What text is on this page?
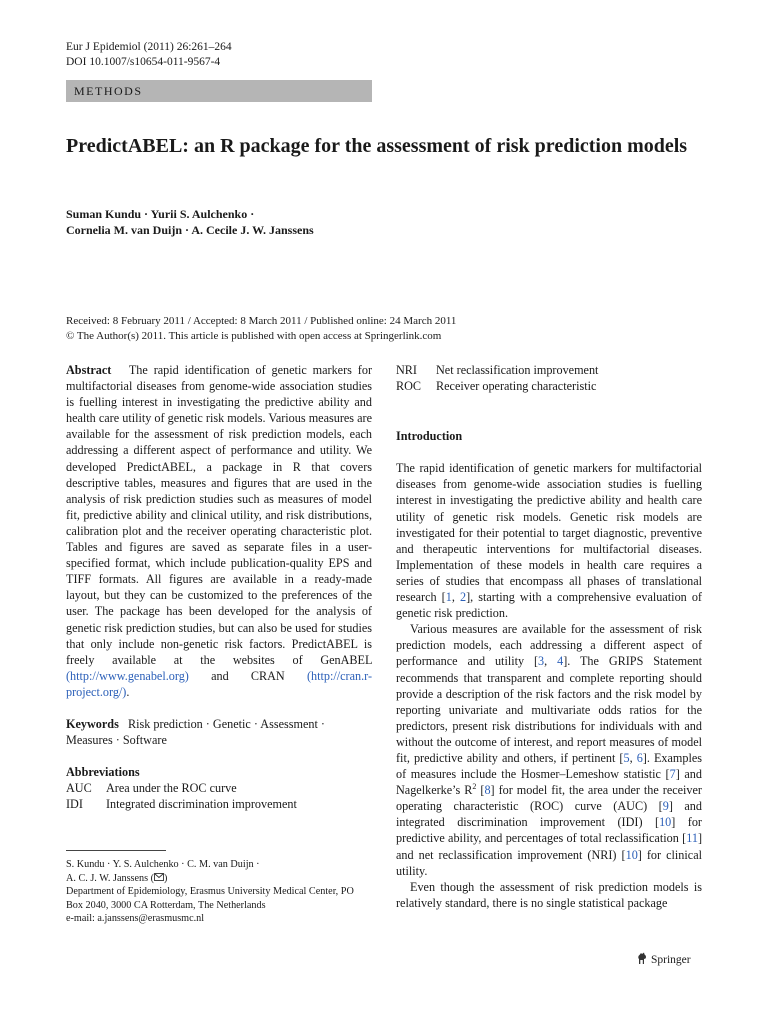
Eur J Epidemiol (2011) 26:261–264
DOI 10.1007/s10654-011-9567-4
METHODS
PredictABEL: an R package for the assessment of risk prediction models
Suman Kundu · Yurii S. Aulchenko ·
Cornelia M. van Duijn · A. Cecile J. W. Janssens
Received: 8 February 2011 / Accepted: 8 March 2011 / Published online: 24 March 2011
© The Author(s) 2011. This article is published with open access at Springerlink.com

Abstract The rapid identification of genetic markers for multifactorial diseases from genome-wide association studies is fuelling interest in investigating the predictive ability and health care utility of genetic risk models. Various measures are available for the assessment of risk prediction models, each addressing a different aspect of performance and utility. We developed PredictABEL, a package in R that covers descriptive tables, measures and figures that are used in the analysis of risk prediction studies such as measures of model fit, predictive ability and clinical utility, and risk distributions, calibration plot and the receiver operating characteristic plot. Tables and figures are saved as separate files in a user-specified format, which include publication-quality EPS and TIFF formats. All figures are available in a ready-made layout, but they can be customized to the preferences of the user. The package has been developed for the analysis of genetic risk prediction studies, but can also be used for studies that only include non-genetic risk factors. PredictABEL is freely available at the websites of GenABEL (http://www.genabel.org) and CRAN (http://cran.r-project.org/).

Keywords Risk prediction · Genetic · Assessment · Measures · Software

Abbreviations
AUC	Area under the ROC curve
IDI	Integrated discrimination improvement
S. Kundu · Y. S. Aulchenko · C. M. van Duijn ·
A. C. J. W. Janssens ( )
Department of Epidemiology, Erasmus University Medical Center, PO Box 2040, 3000 CA Rotterdam, The Netherlands
e-mail: a.janssens@erasmusmc.nl
NRI	Net reclassification improvement
ROC	Receiver operating characteristic
Introduction

The rapid identification of genetic markers for multifactorial diseases from genome-wide association studies is fuelling interest in investigating the predictive ability and health care utility of genetic risk models. Genetic risk models are investigated for their potential to target diagnostic, preventive and therapeutic interventions for multifactorial diseases. Implementation of these models in health care requires a series of studies that encompass all phases of translational research [1, 2], starting with a comprehensive evaluation of genetic risk prediction.

Various measures are available for the assessment of risk prediction models, each addressing a different aspect of performance and utility [3, 4]. The GRIPS Statement recommends that transparent and complete reporting should provide a description of the risk factors and the risk model by reporting univariate and multivariate odds ratios for the predictors, present risk distributions for individuals with and without the outcome of interest, and report measures of model fit, predictive ability and others, if pertinent [5, 6]. Examples of measures include the Hosmer–Lemeshow statistic [7] and Nagelkerke’s $R^2$ [8] for model fit, the area under the receiver operating characteristic (ROC) curve (AUC) [9] and integrated discrimination improvement (IDI) [10] for predictive ability, and percentages of total reclassification [11] and net reclassification improvement (NRI) [10] for clinical utility.

Even though the assessment of risk prediction models is relatively standard, there is no single statistical package

Springer
